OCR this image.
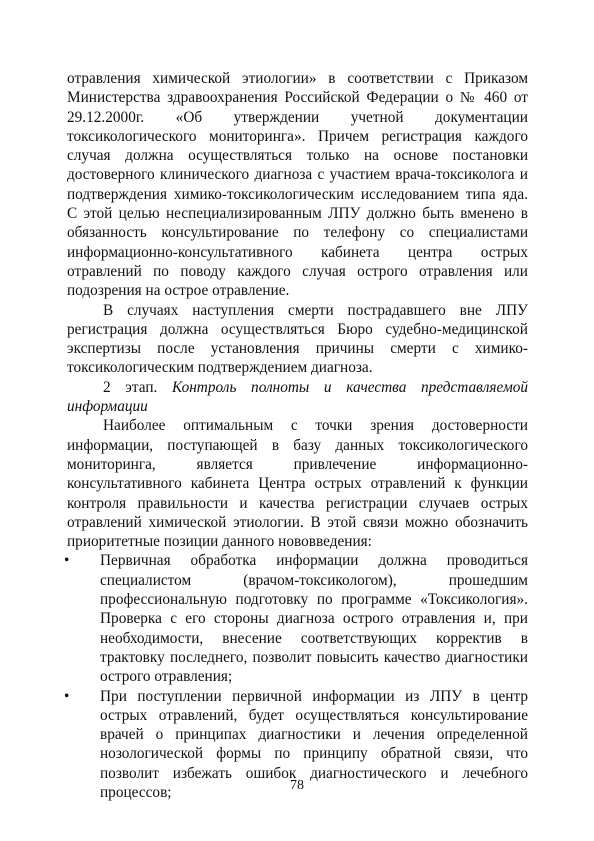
отравления химической этиологии» в соответствии с Приказом Министерства здравоохранения Российской Федерации о № 460 от 29.12.2000г. «Об утверждении учетной документации токсикологического мониторинга». Причем регистрация каждого случая должна осуществляться только на основе постановки достоверного клинического диагноза с участием врача-токсиколога и подтверждения химико-токсикологическим исследованием типа яда. С этой целью неспециализированным ЛПУ должно быть вменено в обязанность консультирование по телефону со специалистами информационно-консультативного кабинета центра острых отравлений по поводу каждого случая острого отравления или подозрения на острое отравление.

В случаях наступления смерти пострадавшего вне ЛПУ регистрация должна осуществляться Бюро судебно-медицинской экспертизы после установления причины смерти с химико-токсикологическим подтверждением диагноза.

2 этап. Контроль полноты и качества представляемой информации

Наиболее оптимальным с точки зрения достоверности информации, поступающей в базу данных токсикологического мониторинга, является привлечение информационно-консультативного кабинета Центра острых отравлений к функции контроля правильности и качества регистрации случаев острых отравлений химической этиологии. В этой связи можно обозначить приоритетные позиции данного нововведения:

• Первичная обработка информации должна проводиться специалистом (врачом-токсикологом), прошедшим профессиональную подготовку по программе «Токсикология». Проверка с его стороны диагноза острого отравления и, при необходимости, внесение соответствующих корректив в трактовку последнего, позволит повысить качество диагностики острого отравления;
• При поступлении первичной информации из ЛПУ в центр острых отравлений, будет осуществляться консультирование врачей о принципах диагностики и лечения определенной нозологической формы по принципу обратной связи, что позволит избежать ошибок диагностического и лечебного процессов;	78
